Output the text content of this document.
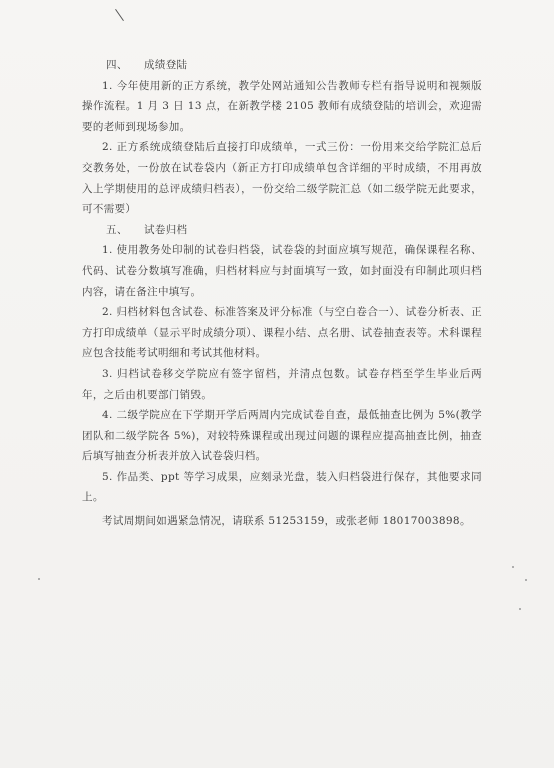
四、 成绩登陆

1. 今年使用新的正方系统，教学处网站通知公告教师专栏有指导说明和视频版操作流程。1 月 3 日 13 点，在新教学楼 2105 教师有成绩登陆的培训会，欢迎需要的老师到现场参加。

2. 正方系统成绩登陆后直接打印成绩单，一式三份：一份用来交给学院汇总后交教务处，一份放在试卷袋内（新正方打印成绩单包含详细的平时成绩，不用再放入上学期使用的总评成绩归档表），一份交给二级学院汇总（如二级学院无此要求，可不需要）

五、 试卷归档

1. 使用教务处印制的试卷归档袋，试卷袋的封面应填写规范，确保课程名称、代码、试卷分数填写准确，归档材料应与封面填写一致，如封面没有印制此项归档内容，请在备注中填写。

2. 归档材料包含试卷、标准答案及评分标准（与空白卷合一）、试卷分析表、正方打印成绩单（显示平时成绩分项）、课程小结、点名册、试卷抽查表等。术科课程应包含技能考试明细和考试其他材料。

3. 归档试卷移交学院应有签字留档，并清点包数。试卷存档至学生毕业后两年，之后由机要部门销毁。

4. 二级学院应在下学期开学后两周内完成试卷自查，最低抽查比例为 5%(教学团队和二级学院各 5%)，对较特殊课程或出现过问题的课程应提高抽查比例，抽查后填写抽查分析表并放入试卷袋归档。

5. 作品类、ppt 等学习成果，应刻录光盘，装入归档袋进行保存，其他要求同上。

考试周期间如遇紧急情况，请联系 51253159，或张老师 18017003898。
